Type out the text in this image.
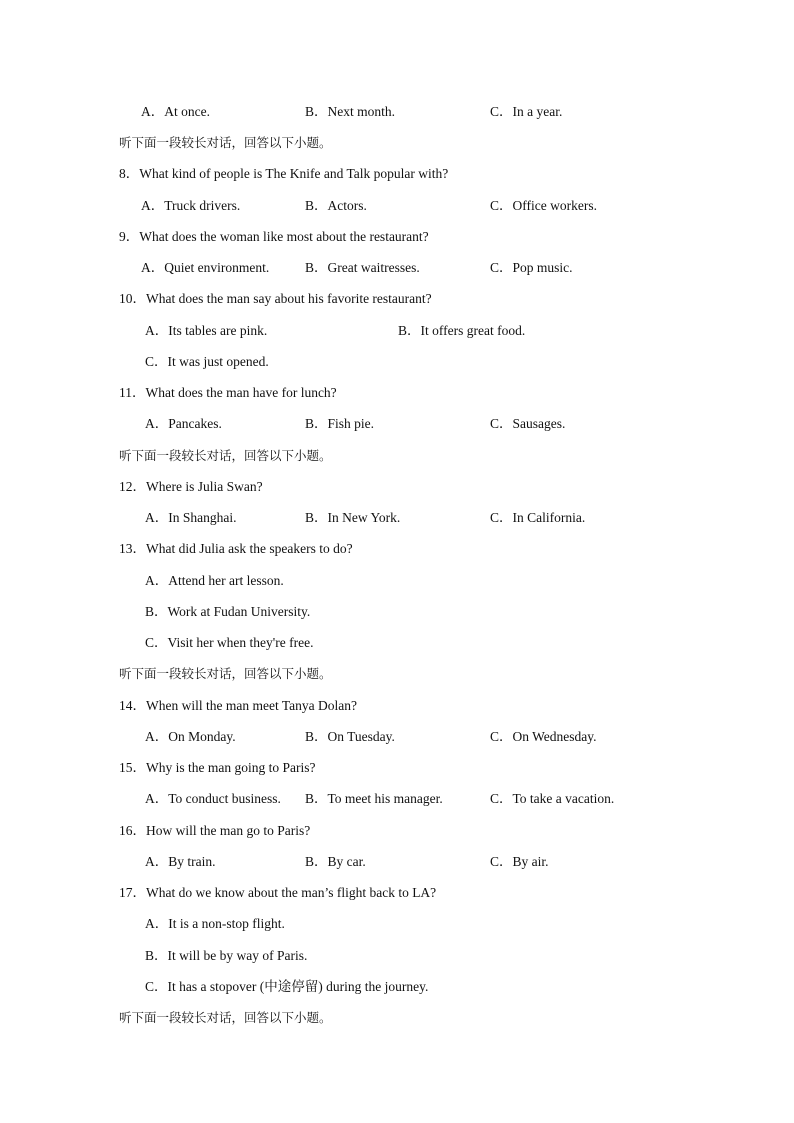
A．At once.	B．Next month.	C．In a year.
听下面一段较长对话，回答以下小题。
8．What kind of people is The Knife and Talk popular with?
A．Truck drivers.	B．Actors.	C．Office workers.
9．What does the woman like most about the restaurant?
A．Quiet environment.	B．Great waitresses.	C．Pop music.
10．What does the man say about his favorite restaurant?
A．Its tables are pink.	B．It offers great food.
C．It was just opened.
11．What does the man have for lunch?
A．Pancakes.	B．Fish pie.	C．Sausages.
听下面一段较长对话，回答以下小题。
12．Where is Julia Swan?
A．In Shanghai.	B．In New York.	C．In California.
13．What did Julia ask the speakers to do?
A．Attend her art lesson.
B．Work at Fudan University.
C．Visit her when they're free.
听下面一段较长对话，回答以下小题。
14．When will the man meet Tanya Dolan?
A．On Monday.	B．On Tuesday.	C．On Wednesday.
15．Why is the man going to Paris?
A．To conduct business. B．To meet his manager.	C．To take a vacation.
16．How will the man go to Paris?
A．By train.	B．By car.	C．By air.
17．What do we know about the man’s flight back to LA?
A．It is a non-stop flight.
B．It will be by way of Paris.
C．It has a stopover (中途停留) during the journey.
听下面一段较长对话，回答以下小题。
